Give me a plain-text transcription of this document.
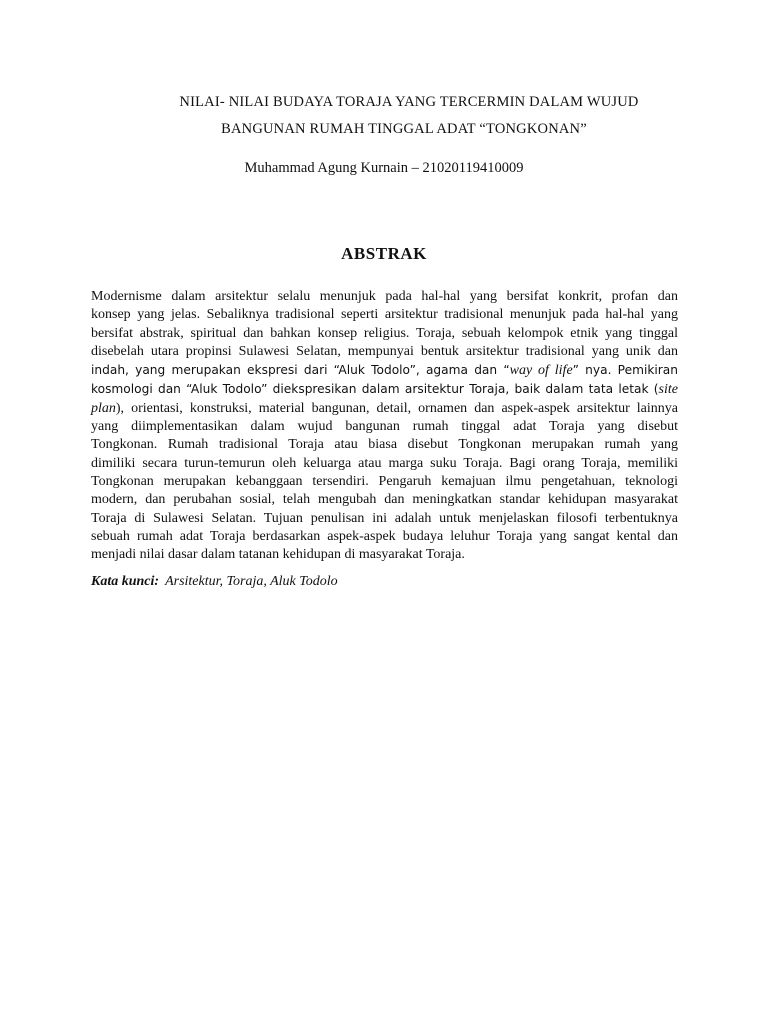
NILAI- NILAI BUDAYA TORAJA YANG TERCERMIN DALAM WUJUD
BANGUNAN RUMAH TINGGAL ADAT “TONGKONAN”
Muhammad Agung Kurnain – 21020119410009
ABSTRAK
Modernisme dalam arsitektur selalu menunjuk pada hal-hal yang bersifat konkrit, profan dan
konsep yang jelas. Sebaliknya tradisional seperti arsitektur tradisional menunjuk pada hal-hal yang
bersifat abstrak, spiritual dan bahkan konsep religius. Toraja, sebuah kelompok etnik yang tinggal
disebelah utara propinsi Sulawesi Selatan, mempunyai bentuk arsitektur tradisional yang unik dan
indah, yang merupakan ekspresi dari “Aluk Todolo”, agama dan “way of life” nya. Pemikiran
kosmologi dan “Aluk Todolo” diekspresikan dalam arsitektur Toraja, baik dalam tata letak (site
plan), orientasi, konstruksi, material bangunan, detail, ornamen dan aspek-aspek arsitektur lainnya
yang diimplementasikan dalam wujud bangunan rumah tinggal adat Toraja yang disebut
Tongkonan. Rumah tradisional Toraja atau biasa disebut Tongkonan merupakan rumah yang
dimiliki secara turun-temurun oleh keluarga atau marga suku Toraja. Bagi orang Toraja, memiliki
Tongkonan merupakan kebanggaan tersendiri. Pengaruh kemajuan ilmu pengetahuan, teknologi
modern, dan perubahan sosial, telah mengubah dan meningkatkan standar kehidupan masyarakat
Toraja di Sulawesi Selatan. Tujuan penulisan ini adalah untuk menjelaskan filosofi terbentuknya
sebuah rumah adat Toraja berdasarkan aspek-aspek budaya leluhur Toraja yang sangat kental dan
menjadi nilai dasar dalam tatanan kehidupan di masyarakat Toraja.
Kata kunci: Arsitektur, Toraja, Aluk Todolo
